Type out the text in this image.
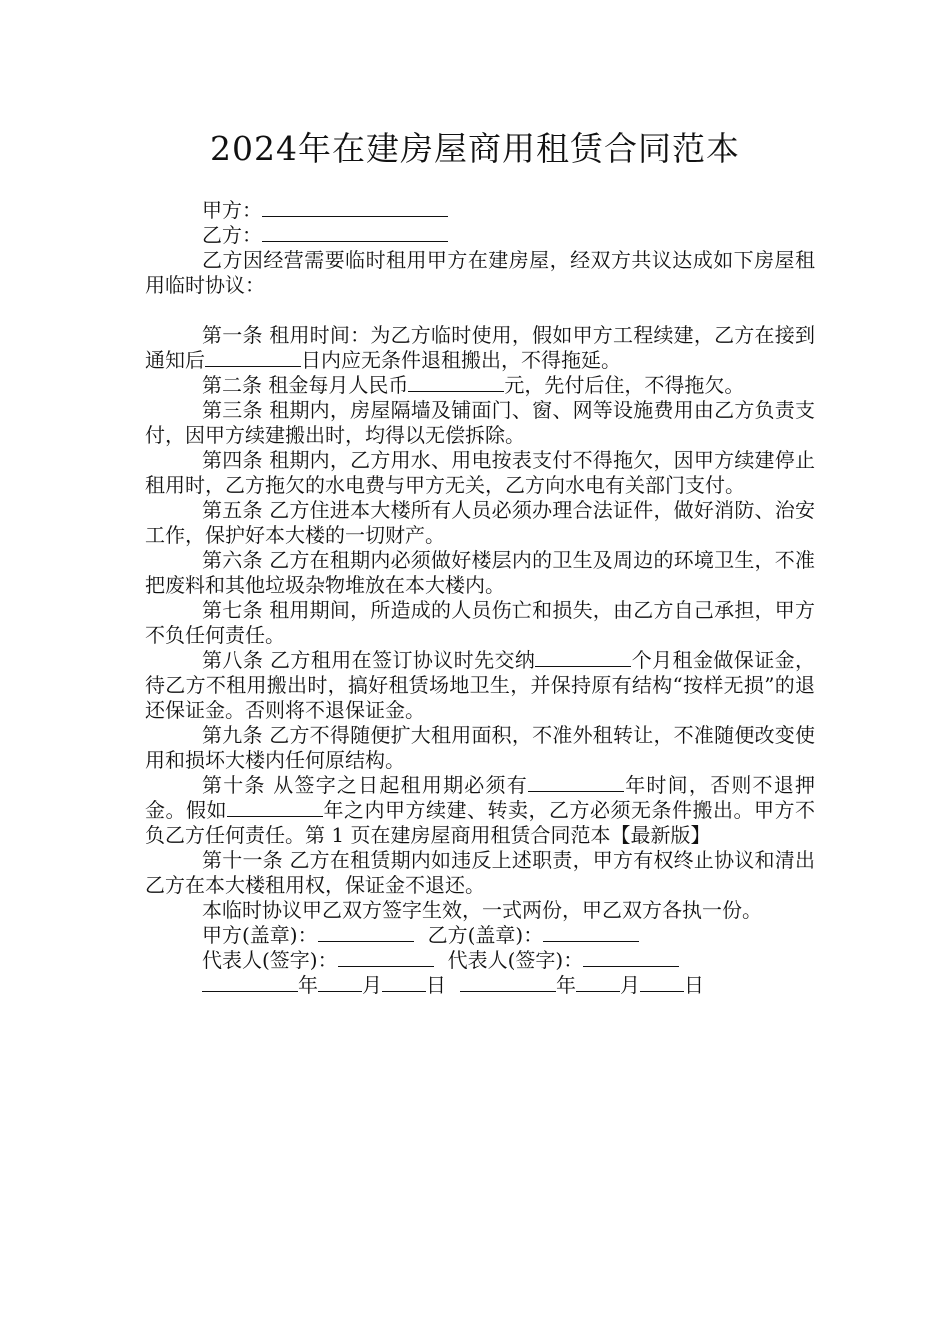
2024年在建房屋商用租赁合同范本

甲方：

乙方：

乙方因经营需要临时租用甲方在建房屋，经双方共议达成如下房屋租用临时协议：

第一条 租用时间：为乙方临时使用，假如甲方工程续建，乙方在接到通知后	日内应无条件退租搬出，不得拖延。

第二条 租金每月人民币	元，先付后住，不得拖欠。

第三条 租期内，房屋隔墙及铺面门、窗、网等设施费用由乙方负责支付，因甲方续建搬出时，均得以无偿拆除。

第四条 租期内，乙方用水、用电按表支付不得拖欠，因甲方续建停止租用时，乙方拖欠的水电费与甲方无关，乙方向水电有关部门支付。

第五条 乙方住进本大楼所有人员必须办理合法证件，做好消防、治安工作，保护好本大楼的一切财产。

第六条 乙方在租期内必须做好楼层内的卫生及周边的环境卫生，不准把废料和其他垃圾杂物堆放在本大楼内。

第七条 租用期间，所造成的人员伤亡和损失，由乙方自己承担，甲方不负任何责任。

第八条 乙方租用在签订协议时先交纳	个月租金做保证金，待乙方不租用搬出时，搞好租赁场地卫生，并保持原有结构“按样无损”的退还保证金。否则将不退保证金。

第九条 乙方不得随便扩大租用面积，不准外租转让，不准随便改变使用和损坏大楼内任何原结构。

第十条 从签字之日起租用期必须有	年时间，否则不退押金。假如	年之内甲方续建、转卖，乙方必须无条件搬出。甲方不负乙方任何责任。第 1 页在建房屋商用租赁合同范本【最新版】

第十一条 乙方在租赁期内如违反上述职责，甲方有权终止协议和清出乙方在本大楼租用权，保证金不退还。

本临时协议甲乙双方签字生效，一式两份，甲乙双方各执一份。

甲方(盖章)：	乙方(盖章)：

代表人(签字)：	代表人(签字)：

年 月 日	年 月 日
